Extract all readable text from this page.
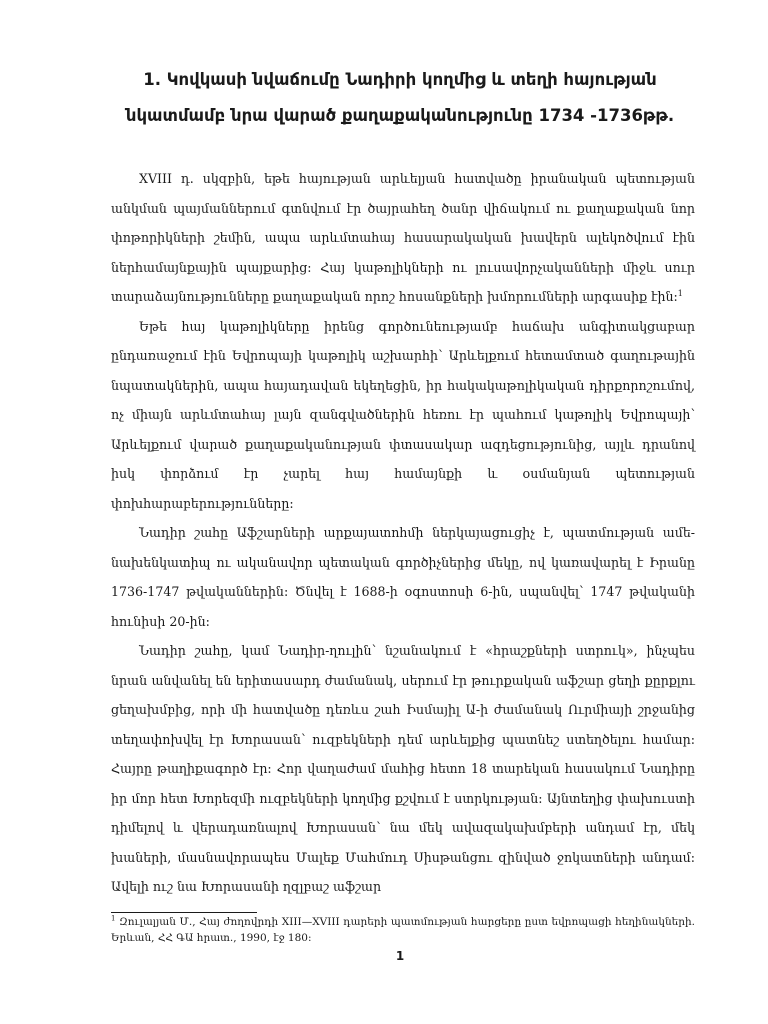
1. Կովկասի նվաճումը Նադիրի կողմից և տեղի հայության
նկատմամբ նրա վարած քաղաքականությունը 1734 -1736թթ.

XVIII դ. սկզբին, եթե հայության արևելյան հատվածը իրանական պետության անկման պայմաններում գտնվում էր ծայրահեղ ծանր վիճակում ու քաղաքական նոր փոթորիկների շեմին, ապա արևմտահայ հասարակական խավերն ալեկոծվում էին ներհամայնքային պայքարից: Հայ կաթոլիկների ու լուսավորչականների միջև սուր տարաձայնությունները քաղաքական որոշ հոսանքների խմորումների արգասիք էին:$^1$

Եթե հայ կաթոլիկները իրենց գործունեությամբ հաճախ անգիտակցաբար ընդառաջում էին Եվրոպայի կաթոլիկ աշխարհի՝ Արևելքում հետամտած գաղութային նպատակներին, ապա հայադավան եկեղեցին, իր հակակաթոլիկական դիրքորոշումով, ոչ միայն արևմտահայ լայն զանգվածներին հեռու էր պահում կաթոլիկ Եվրոպայի՝ Արևելքում վարած քաղաքականության փտասակար ազդեցությունից, այլև դրանով իսկ փորձում էր չարել հայ համայնքի և օսմանյան պետության փոխհարաբերությունները:

Նադիր շահը Աֆշարների արքայատոհմի ներկայացուցիչ է, պատմության ամե-նախենկատիպ ու ականավոր պետական գործիչներից մեկը, ով կառավարել է Իրանը 1736-1747 թվականներին: Ծնվել է 1688-ի օգոստոսի 6-ին, սպանվել՝ 1747 թվականի հունիսի 20-ին:

Նադիր շահը, կամ Նադիր-ղուլին՝ նշանակում է «հրաշքների ստրուկ», ինչպես նրան անվանել են երիտասարդ ժամանակ, սերում էր թուրքական աֆշար ցեղի քըրքլու ցեղախմբից, որի մի հատվածը դեռևս շահ Իսմայիլ Ա-ի ժամանակ Ուրմիայի շրջանից տեղափոխվել էր Խորասան՝ ուզբեկների դեմ արևելքից պատնեշ ստեղծելու համար: Հայրը թաղիքագործ էր: Հոր վաղաժամ մահից հետո 18 տարեկան հասակում Նադիրը իր մոր հետ Խորեզմի ուզբեկների կողմից քշվում է ստրկության: Այնտեղից փախուստի դիմելով և վերադառնալով Խորասան՝ նա մեկ ավազակախմբերի անդամ էր, մեկ խաների, մասնավորապես Մալեք Մահմուդ Սիսթանցու զինված ջոկատների անդամ: Ավելի ուշ նա Խորասանի ղզլբաշ աֆշար

$^1$ Զուլալյան Մ., Հայ ժողովրդի XIII—XVIII դարերի պատմության հարցերը ըստ եվրոպացի հեղինակների. Երևան, ՀՀ ԳԱ հրատ., 1990, էջ 180:
1
